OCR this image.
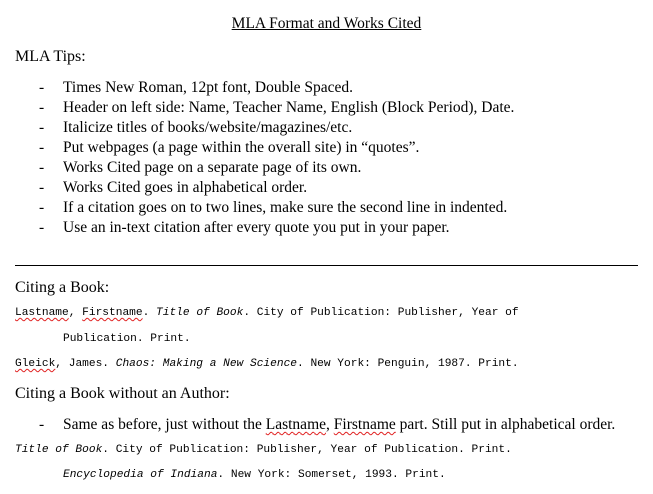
MLA Format and Works Cited
MLA Tips:
- Times New Roman, 12pt font, Double Spaced.
- Header on left side: Name, Teacher Name, English (Block Period), Date.
- Italicize titles of books/website/magazines/etc.
- Put webpages (a page within the overall site) in “quotes”.
- Works Cited page on a separate page of its own.
- Works Cited goes in alphabetical order.
- If a citation goes on to two lines, make sure the second line in indented.
- Use an in-text citation after every quote you put in your paper.
Citing a Book:
Lastname, Firstname. Title of Book. City of Publication: Publisher, Year of
Publication. Print.
Gleick, James. Chaos: Making a New Science. New York: Penguin, 1987. Print.
Citing a Book without an Author:
- Same as before, just without the Lastname, Firstname part. Still put in alphabetical order.
Title of Book. City of Publication: Publisher, Year of Publication. Print.
Encyclopedia of Indiana. New York: Somerset, 1993. Print.
